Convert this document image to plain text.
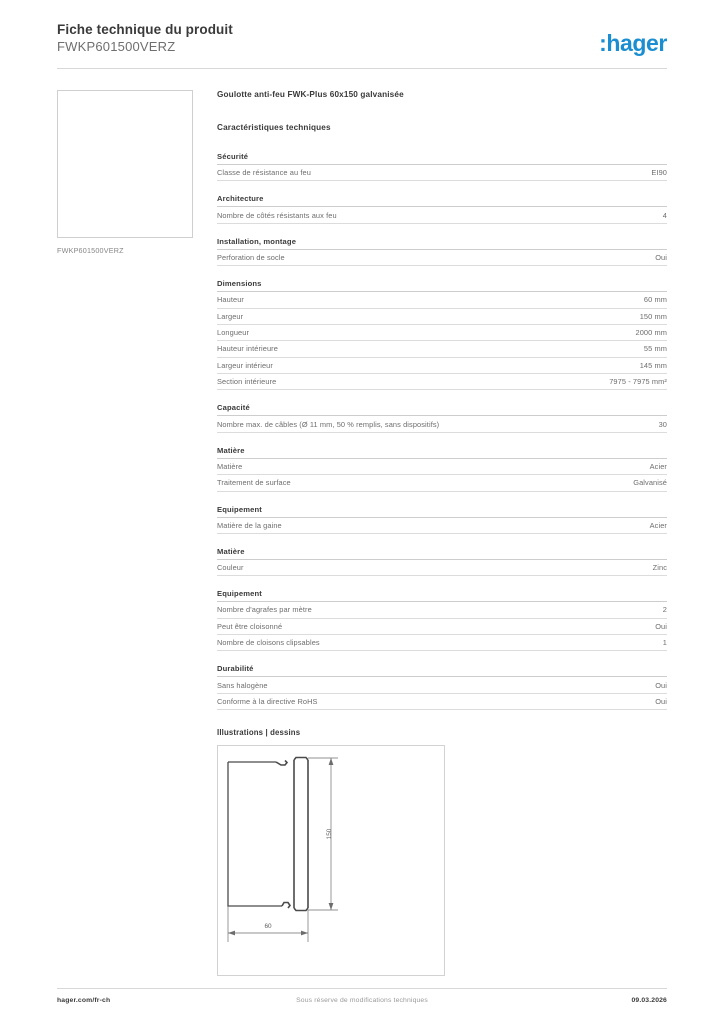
Fiche technique du produit
FWKP601500VERZ	:hager
FWKP601500VERZ
Goulotte anti-feu FWK-Plus 60x150 galvanisée
Caractéristiques techniques
Sécurité
Classe de résistance au feu	EI90
Architecture
Nombre de côtés résistants aux feu	4
Installation, montage
Perforation de socle	Oui
Dimensions
Hauteur	60 mm
Largeur	150 mm
Longueur	2000 mm
Hauteur intérieure	55 mm
Largeur intérieur	145 mm
Section intérieure	7975 - 7975 mm²
Capacité
Nombre max. de câbles (Ø 11 mm, 50 % remplis, sans dispositifs)	30
Matière
Matière	Acier
Traitement de surface	Galvanisé
Equipement
Matière de la gaine	Acier
Matière
Couleur	Zinc
Equipement
Nombre d'agrafes par mètre	2
Peut être cloisonné	Oui
Nombre de cloisons clipsables	1
Durabilité
Sans halogène	Oui
Conforme à la directive RoHS	Oui
Illustrations | dessins
150
60
hager.com/fr-ch	Sous réserve de modifications techniques	09.03.2026
